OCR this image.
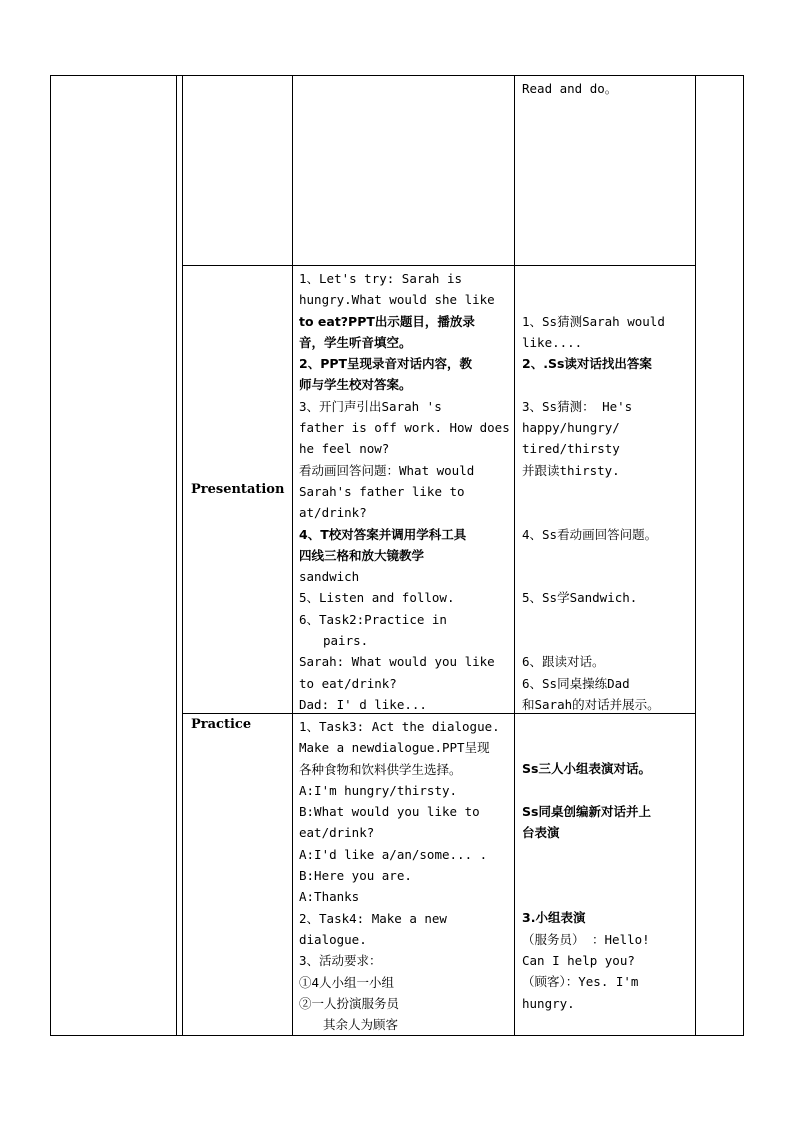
Read and do。
Presentation
1、Let's try: Sarah is
hungry.What would she like
to eat?PPT出示题目，播放录
音，学生听音填空。
2、PPT呈现录音对话内容，教
师与学生校对答案。
3、开门声引出Sarah 's
father is off work. How does
he feel now?
看动画回答问题：What would
Sarah's father like to
at/drink?
4、T校对答案并调用学科工具
四线三格和放大镜教学
sandwich
5、Listen and follow.
6、Task2:Practice in
pairs.
Sarah: What would you like
to eat/drink?
Dad: I' d like...
1、Ss猜测Sarah would
like....
2、.Ss读对话找出答案
3、Ss猜测： He's
happy/hungry/
tired/thirsty
并跟读thirsty.
4、Ss看动画回答问题。
5、Ss学Sandwich.
6、跟读对话。
6、Ss同桌操练Dad
和Sarah的对话并展示。
Practice	1、Task3: Act the dialogue.
Make a newdialogue.PPT呈现
各种食物和饮料供学生选择。
A:I'm hungry/thirsty.
B:What would you like to
eat/drink?
A:I'd like a/an/some... .
B:Here you are.
A:Thanks
2、Task4: Make a new
dialogue.
3、活动要求：
①4人小组一小组
②一人扮演服务员
其余人为顾客
Ss三人小组表演对话。
Ss同桌创编新对话并上
台表演
3.小组表演
（服务员） ：Hello!
Can I help you?
（顾客）：Yes. I'm
hungry.
